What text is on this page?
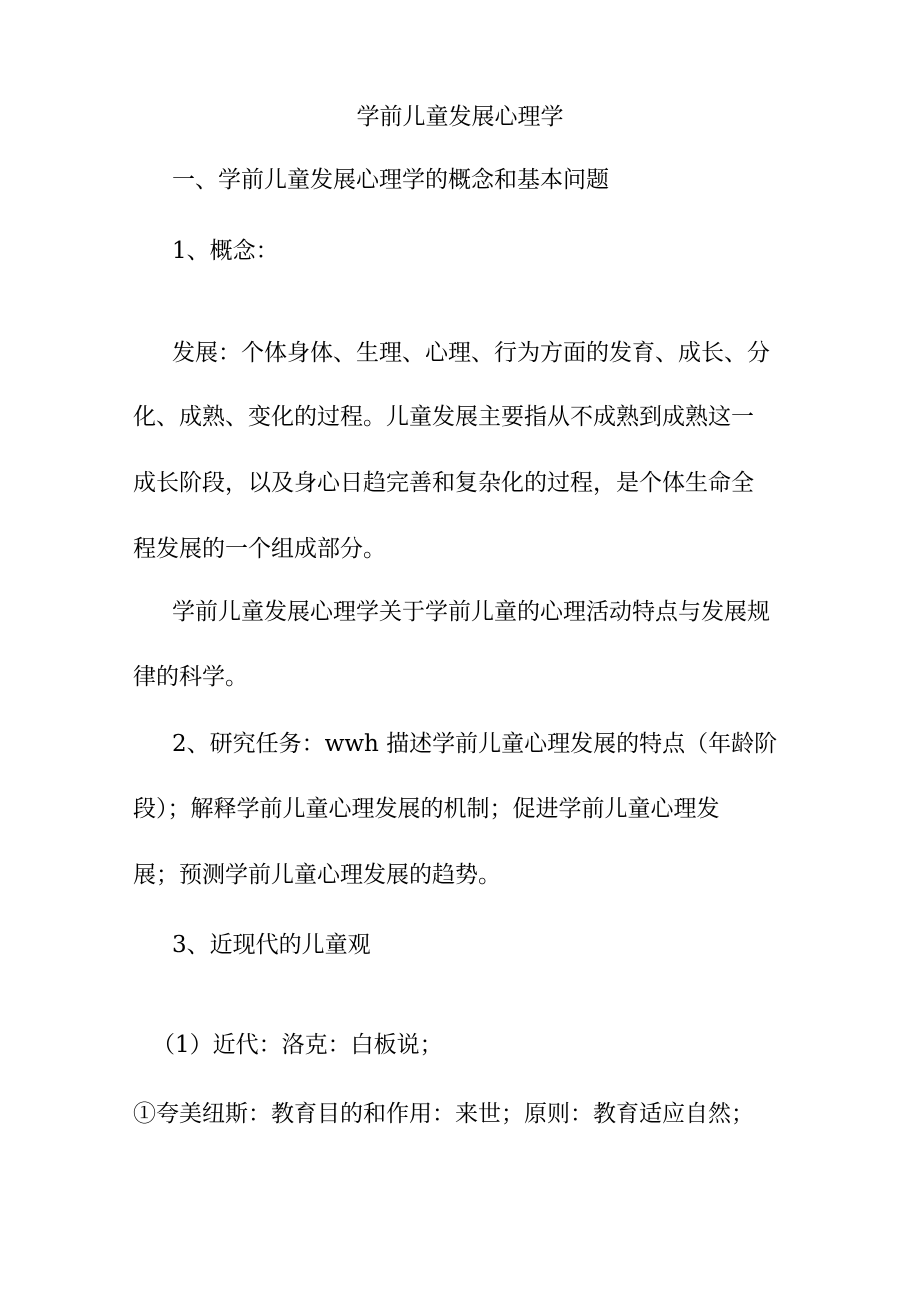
学前儿童发展心理学

一、学前儿童发展心理学的概念和基本问题

1、概念：

发展：个体身体、生理、心理、行为方面的发育、成长、分

化、成熟、变化的过程。儿童发展主要指从不成熟到成熟这一

成长阶段，以及身心日趋完善和复杂化的过程，是个体生命全

程发展的一个组成部分。

学前儿童发展心理学关于学前儿童的心理活动特点与发展规

律的科学。

2、研究任务：wwh 描述学前儿童心理发展的特点（年龄阶

段）；解释学前儿童心理发展的机制；促进学前儿童心理发

展；预测学前儿童心理发展的趋势。

3、近现代的儿童观

（1）近代：洛克：白板说；

①夸美纽斯：教育目的和作用：来世；原则：教育适应自然；
